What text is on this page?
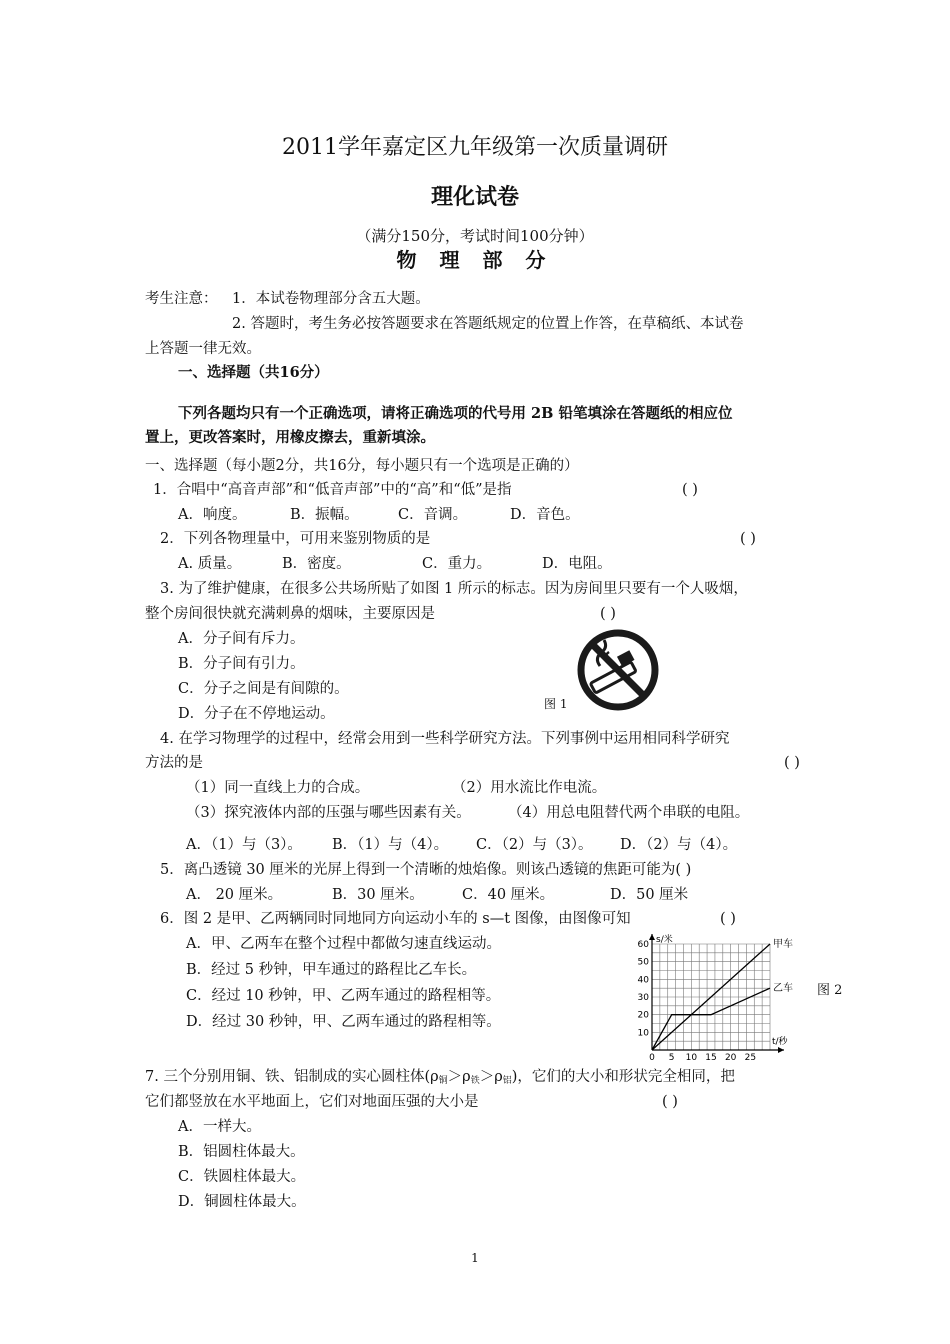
2011学年嘉定区九年级第一次质量调研
理化试卷
（满分150分，考试时间100分钟）
物 理 部 分
考生注意： 1．本试卷物理部分含五大题。
2. 答题时，考生务必按答题要求在答题纸规定的位置上作答，在草稿纸、本试卷
上答题一律无效。
一、选择题（共16分）
下列各题均只有一个正确选项，请将正确选项的代号用 2B 铅笔填涂在答题纸的相应位
置上，更改答案时，用橡皮擦去，重新填涂。
一、选择题（每小题2分，共16分，每小题只有一个选项是正确的）
1．合唱中“高音声部”和“低音声部”中的“高”和“低”是指	( )
A．响度。	B．振幅。	C．音调。	D．音色。
2．下列各物理量中，可用来鉴别物质的是	( )
A. 质量。	B．密度。	C．重力。	D．电阻。
3. 为了维护健康，在很多公共场所贴了如图 1 所示的标志。因为房间里只要有一个人吸烟，
整个房间很快就充满刺鼻的烟味，主要原因是	( )
A．分子间有斥力。
B．分子间有引力。
C．分子之间是有间隙的。
D．分子在不停地运动。
图 1
4. 在学习物理学的过程中，经常会用到一些科学研究方法。下列事例中运用相同科学研究
方法的是	( )
（1）同一直线上力的合成。	（2）用水流比作电流。
（3）探究液体内部的压强与哪些因素有关。	（4）用总电阻替代两个串联的电阻。
A．（1）与（3）。 B．（1）与（4）。 C．（2）与（3）。 D．（2）与（4）。
5．离凸透镜 30 厘米的光屏上得到一个清晰的烛焰像。则该凸透镜的焦距可能为( )
A． 20 厘米。	B．30 厘米。	C．40 厘米。	D．50 厘米
6．图 2 是甲、乙两辆同时同地同方向运动小车的 s—t 图像，由图像可知	( )
A．甲、乙两车在整个过程中都做匀速直线运动。
B．经过 5 秒钟，甲车通过的路程比乙车长。
C．经过 10 秒钟，甲、乙两车通过的路程相等。
D．经过 30 秒钟，甲、乙两车通过的路程相等。
图 2
0 5 10 15 20 25
10
20
30
40
50
60 s/米
t/秒
甲车
乙车
7. 三个分别用铜、铁、铝制成的实心圆柱体$(\rho_铜>\rho_铁>\rho_铝)$，它们的大小和形状完全相同，把
它们都竖放在水平地面上，它们对地面压强的大小是	( )
A．一样大。
B．铝圆柱体最大。
C．铁圆柱体最大。
D．铜圆柱体最大。
1
